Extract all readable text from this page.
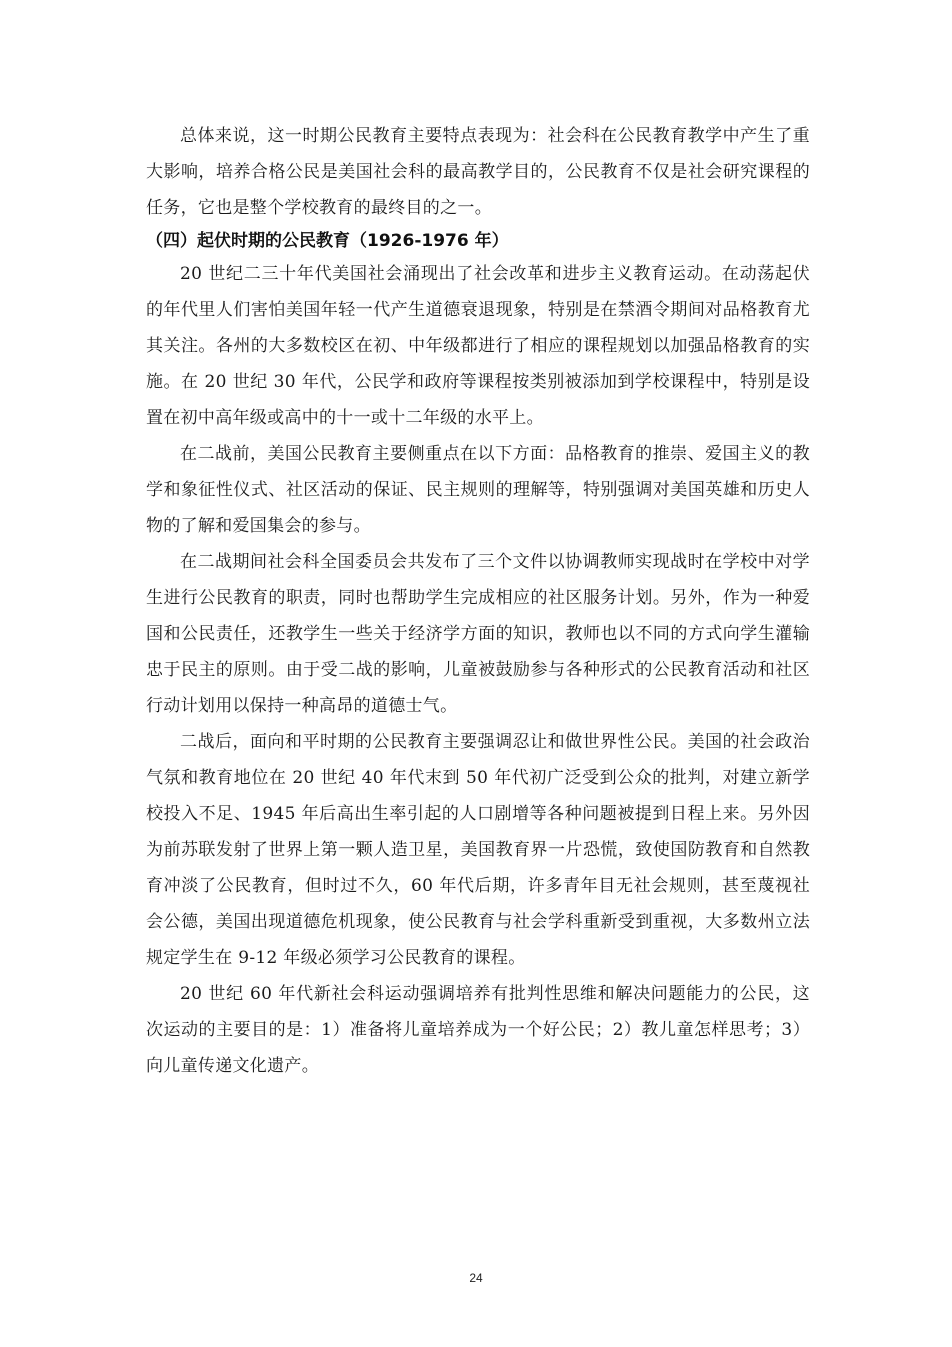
总体来说，这一时期公民教育主要特点表现为：社会科在公民教育教学中产生了重大影响，培养合格公民是美国社会科的最高教学目的，公民教育不仅是社会研究课程的任务，它也是整个学校教育的最终目的之一。

（四）起伏时期的公民教育（1926-1976 年）

20 世纪二三十年代美国社会涌现出了社会改革和进步主义教育运动。在动荡起伏的年代里人们害怕美国年轻一代产生道德衰退现象，特别是在禁酒令期间对品格教育尤其关注。各州的大多数校区在初、中年级都进行了相应的课程规划以加强品格教育的实施。在 20 世纪 30 年代，公民学和政府等课程按类别被添加到学校课程中，特别是设置在初中高年级或高中的十一或十二年级的水平上。

在二战前，美国公民教育主要侧重点在以下方面：品格教育的推崇、爱国主义的教学和象征性仪式、社区活动的保证、民主规则的理解等，特别强调对美国英雄和历史人物的了解和爱国集会的参与。

在二战期间社会科全国委员会共发布了三个文件以协调教师实现战时在学校中对学生进行公民教育的职责，同时也帮助学生完成相应的社区服务计划。另外，作为一种爱国和公民责任，还教学生一些关于经济学方面的知识，教师也以不同的方式向学生灌输忠于民主的原则。由于受二战的影响，儿童被鼓励参与各种形式的公民教育活动和社区行动计划用以保持一种高昂的道德士气。

二战后，面向和平时期的公民教育主要强调忍让和做世界性公民。美国的社会政治气氛和教育地位在 20 世纪 40 年代末到 50 年代初广泛受到公众的批判，对建立新学校投入不足、1945 年后高出生率引起的人口剧增等各种问题被提到日程上来。另外因为前苏联发射了世界上第一颗人造卫星，美国教育界一片恐慌，致使国防教育和自然教育冲淡了公民教育，但时过不久，60 年代后期，许多青年目无社会规则，甚至蔑视社会公德，美国出现道德危机现象，使公民教育与社会学科重新受到重视，大多数州立法规定学生在 9-12 年级必须学习公民教育的课程。

20 世纪 60 年代新社会科运动强调培养有批判性思维和解决问题能力的公民，这次运动的主要目的是：1）准备将儿童培养成为一个好公民；2）教儿童怎样思考；3）向儿童传递文化遗产。

24
